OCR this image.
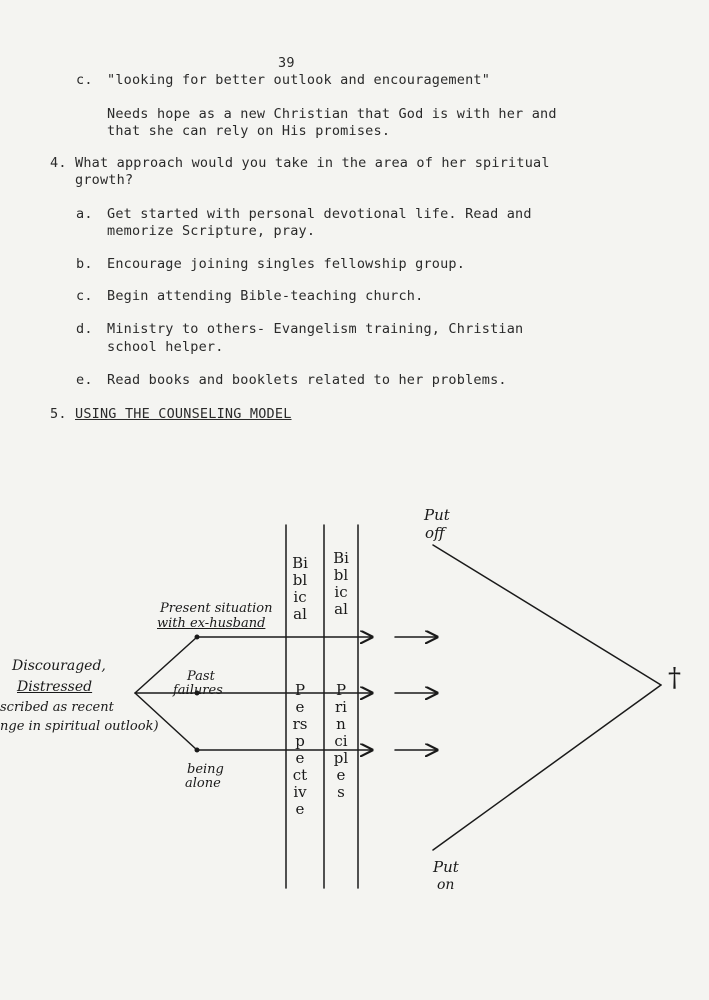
39
c. "looking for better outlook and encouragement"
Needs hope as a new Christian that God is with her and
that she can rely on His promises.
4. What approach would you take in the area of her spiritual
growth?
a. Get started with personal devotional life. Read and
memorize Scripture, pray.
b. Encourage joining singles fellowship group.
c. Begin attending Bible-teaching church.
d. Ministry to others- Evangelism training, Christian
school helper.
e. Read books and booklets related to her problems.
5. USING THE COUNSELING MODEL
Discouraged,
Distressed
scribed as recent
nge in spiritual outlook)
Present situation
with ex-husband
Past
failures
being
alone
Biblical
Perspective
Biblical
Principles
Put
off
Put
on
†
